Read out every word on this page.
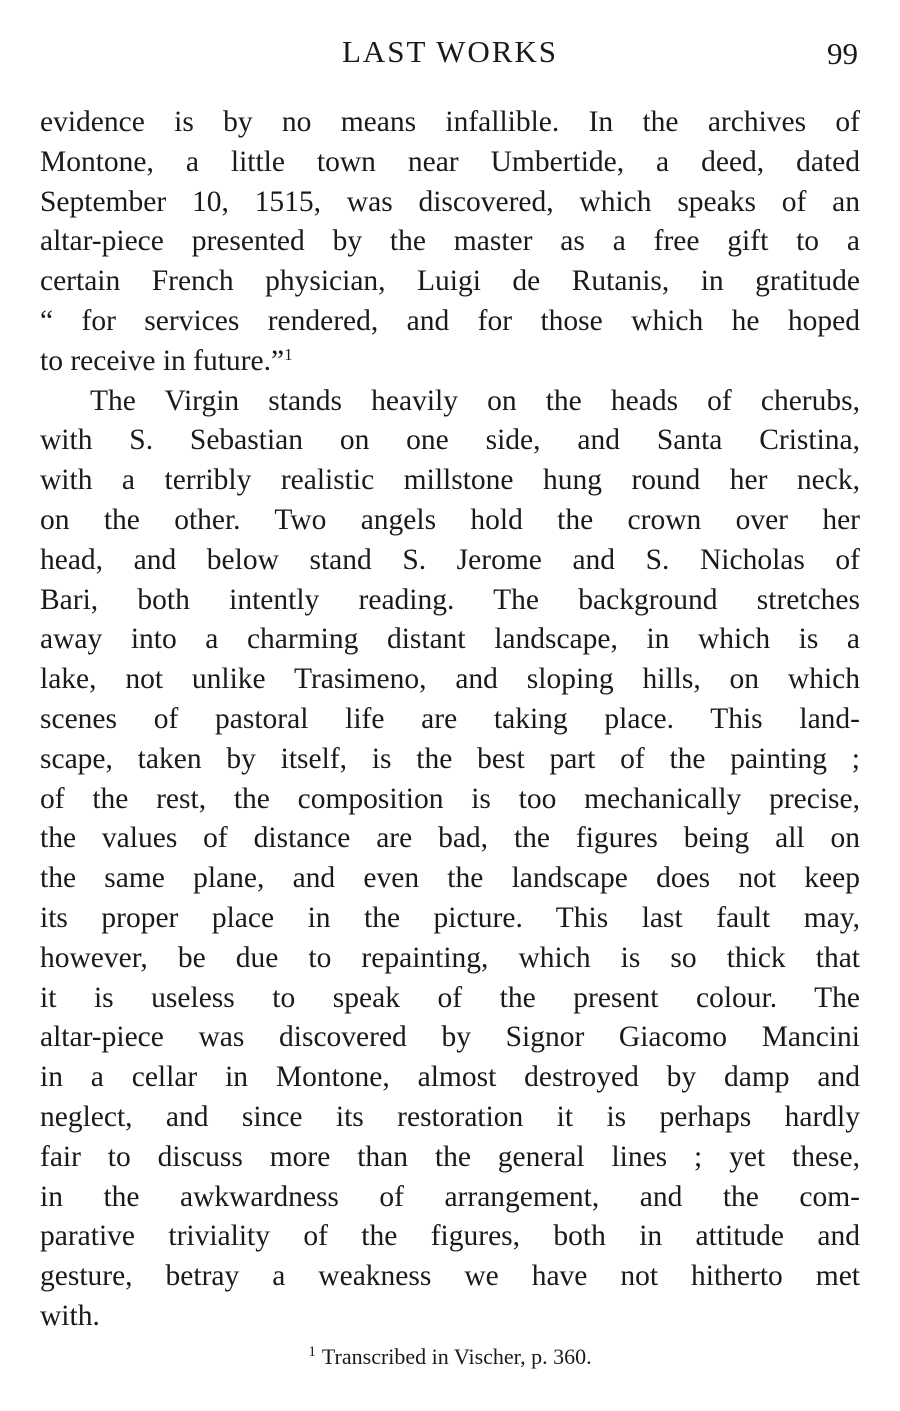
LAST WORKS	99
evidence is by no means infallible. In the archives of
Montone, a little town near Umbertide, a deed, dated
September 10, 1515, was discovered, which speaks of an
altar-piece presented by the master as a free gift to a
certain French physician, Luigi de Rutanis, in gratitude
“ for services rendered, and for those which he hoped
to receive in future.”$^1$
The Virgin stands heavily on the heads of cherubs,
with S. Sebastian on one side, and Santa Cristina,
with a terribly realistic millstone hung round her neck,
on the other. Two angels hold the crown over her
head, and below stand S. Jerome and S. Nicholas of
Bari, both intently reading. The background stretches
away into a charming distant landscape, in which is a
lake, not unlike Trasimeno, and sloping hills, on which
scenes of pastoral life are taking place. This land-
scape, taken by itself, is the best part of the painting ;
of the rest, the composition is too mechanically precise,
the values of distance are bad, the figures being all on
the same plane, and even the landscape does not keep
its proper place in the picture. This last fault may,
however, be due to repainting, which is so thick that
it is useless to speak of the present colour. The
altar-piece was discovered by Signor Giacomo Mancini
in a cellar in Montone, almost destroyed by damp and
neglect, and since its restoration it is perhaps hardly
fair to discuss more than the general lines ; yet these,
in the awkwardness of arrangement, and the com-
parative triviality of the figures, both in attitude and
gesture, betray a weakness we have not hitherto met
with.
$^1$ Transcribed in Vischer, p. 360.
